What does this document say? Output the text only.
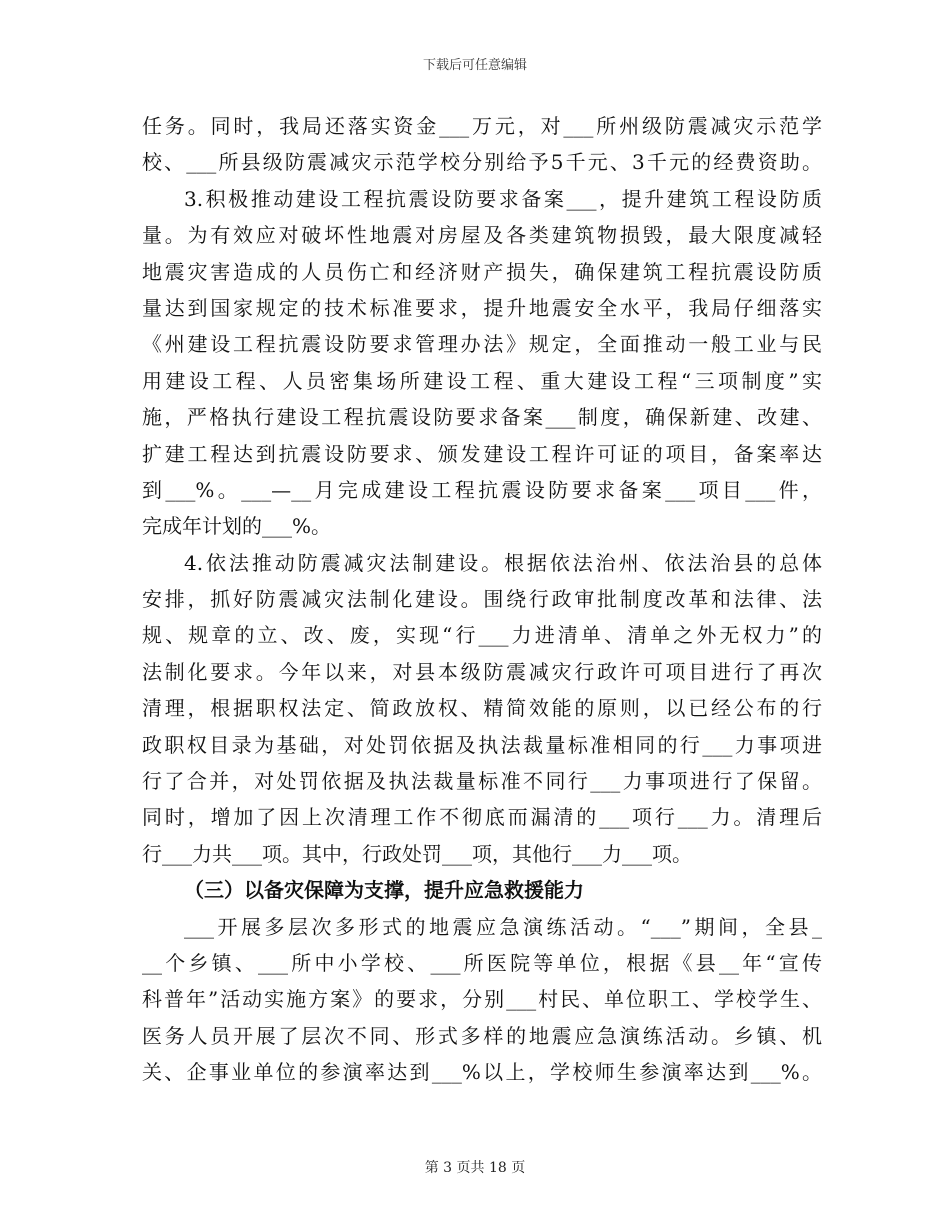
下载后可任意编辑
任务。同时，我局还落实资金___万元，对___所州级防震减灾示范学
校、___所县级防震减灾示范学校分别给予5千元、3千元的经费资助。
3.积极推动建设工程抗震设防要求备案___，提升建筑工程设防质
量。为有效应对破坏性地震对房屋及各类建筑物损毁，最大限度减轻
地震灾害造成的人员伤亡和经济财产损失，确保建筑工程抗震设防质
量达到国家规定的技术标准要求，提升地震安全水平，我局仔细落实
《州建设工程抗震设防要求管理办法》规定，全面推动一般工业与民
用建设工程、人员密集场所建设工程、重大建设工程“三项制度”实
施，严格执行建设工程抗震设防要求备案___制度，确保新建、改建、
扩建工程达到抗震设防要求、颁发建设工程许可证的项目，备案率达
到___%。___—__月完成建设工程抗震设防要求备案___项目___件，
完成年计划的___%。
4.依法推动防震减灾法制建设。根据依法治州、依法治县的总体
安排，抓好防震减灾法制化建设。围绕行政审批制度改革和法律、法
规、规章的立、改、废，实现“行___力进清单、清单之外无权力”的
法制化要求。今年以来，对县本级防震减灾行政许可项目进行了再次
清理，根据职权法定、简政放权、精简效能的原则，以已经公布的行
政职权目录为基础，对处罚依据及执法裁量标准相同的行___力事项进
行了合并，对处罚依据及执法裁量标准不同行___力事项进行了保留。
同时，增加了因上次清理工作不彻底而漏清的___项行___力。清理后
行___力共___项。其中，行政处罚___项，其他行___力___项。
（三）以备灾保障为支撑，提升应急救援能力
___开展多层次多形式的地震应急演练活动。“___”期间，全县_
__个乡镇、___所中小学校、___所医院等单位，根据《县__年“宣传
科普年”活动实施方案》的要求，分别___村民、单位职工、学校学生、
医务人员开展了层次不同、形式多样的地震应急演练活动。乡镇、机
关、企事业单位的参演率达到___%以上，学校师生参演率达到___%。
第 3 页共 18 页
